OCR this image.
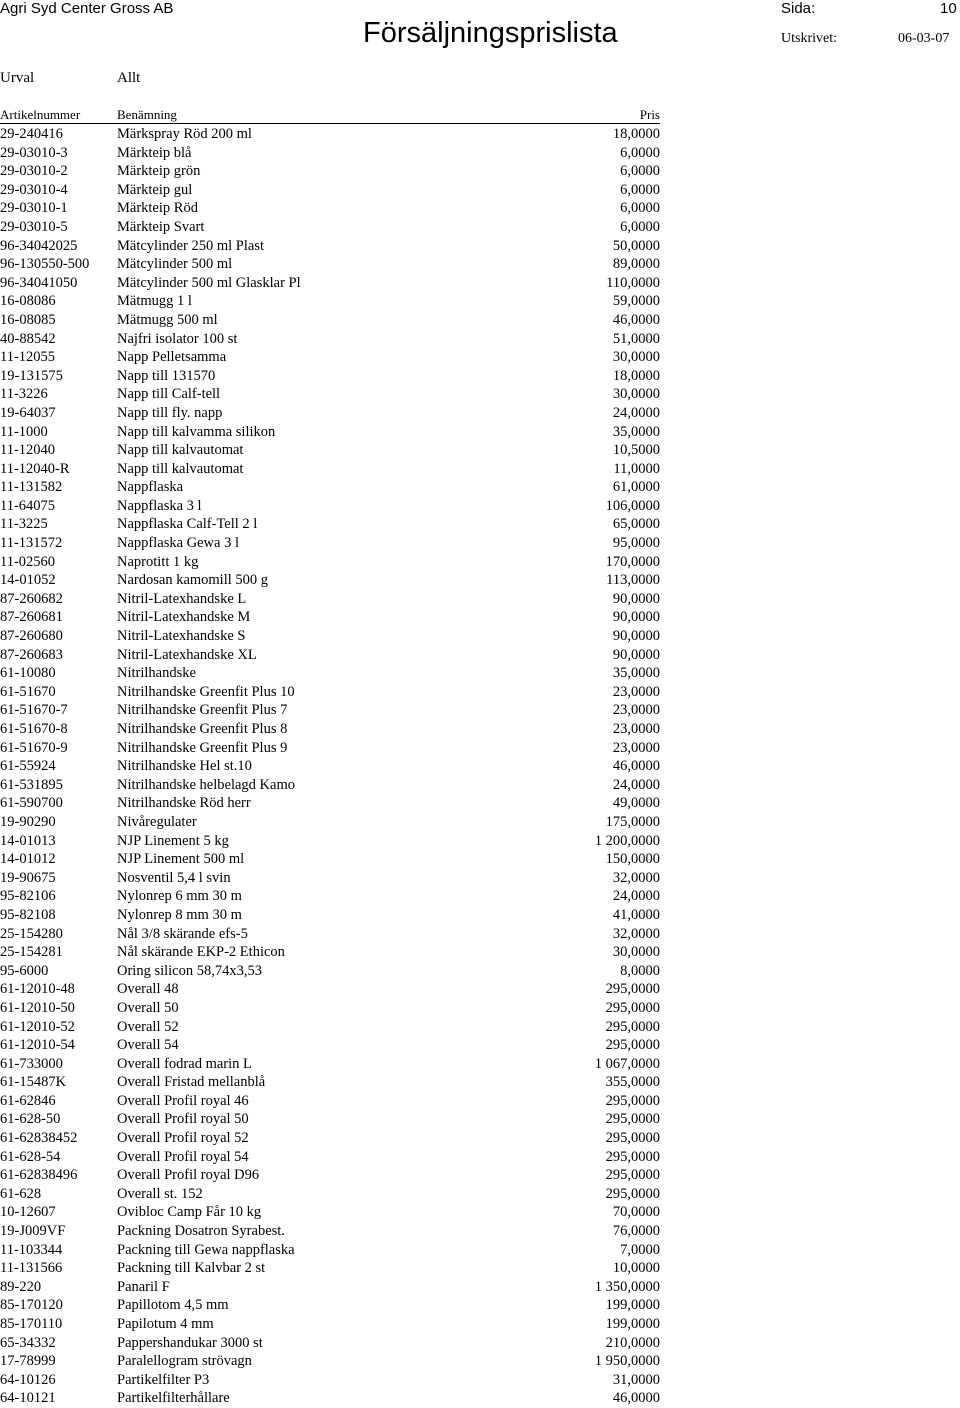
Agri Syd Center Gross AB
Försäljningsprislista
Sida:	10
Utskrivet:	06-03-07
Urval	Allt
Artikelnummer	Benämning	Pris
29-240416	Märkspray Röd 200 ml	18,0000
29-03010-3	Märkteip blå	6,0000
29-03010-2	Märkteip grön	6,0000
29-03010-4	Märkteip gul	6,0000
29-03010-1	Märkteip Röd	6,0000
29-03010-5	Märkteip Svart	6,0000
96-34042025	Mätcylinder 250 ml Plast	50,0000
96-130550-500 Mätcylinder 500 ml	89,0000
96-34041050	Mätcylinder 500 ml Glasklar Pl	110,0000
16-08086	Mätmugg 1 l	59,0000
16-08085	Mätmugg 500 ml	46,0000
40-88542	Najfri isolator 100 st	51,0000
11-12055	Napp Pelletsamma	30,0000
19-131575	Napp till 131570	18,0000
11-3226	Napp till Calf-tell	30,0000
19-64037	Napp till fly. napp	24,0000
11-1000	Napp till kalvamma silikon	35,0000
11-12040	Napp till kalvautomat	10,5000
11-12040-R	Napp till kalvautomat	11,0000
11-131582	Nappflaska	61,0000
11-64075	Nappflaska 3 l	106,0000
11-3225	Nappflaska Calf-Tell 2 l	65,0000
11-131572	Nappflaska Gewa 3 l	95,0000
11-02560	Naprotitt 1 kg	170,0000
14-01052	Nardosan kamomill 500 g	113,0000
87-260682	Nitril-Latexhandske L	90,0000
87-260681	Nitril-Latexhandske M	90,0000
87-260680	Nitril-Latexhandske S	90,0000
87-260683	Nitril-Latexhandske XL	90,0000
61-10080	Nitrilhandske	35,0000
61-51670	Nitrilhandske Greenfit Plus 10	23,0000
61-51670-7	Nitrilhandske Greenfit Plus 7	23,0000
61-51670-8	Nitrilhandske Greenfit Plus 8	23,0000
61-51670-9	Nitrilhandske Greenfit Plus 9	23,0000
61-55924	Nitrilhandske Hel st.10	46,0000
61-531895	Nitrilhandske helbelagd Kamo	24,0000
61-590700	Nitrilhandske Röd herr	49,0000
19-90290	Nivåregulater	175,0000
14-01013	NJP Linement 5 kg	1 200,0000
14-01012	NJP Linement 500 ml	150,0000
19-90675	Nosventil 5,4 l svin	32,0000
95-82106	Nylonrep 6 mm 30 m	24,0000
95-82108	Nylonrep 8 mm 30 m	41,0000
25-154280	Nål 3/8 skärande efs-5	32,0000
25-154281	Nål skärande EKP-2 Ethicon	30,0000
95-6000	Oring silicon 58,74x3,53	8,0000
61-12010-48	Overall 48	295,0000
61-12010-50	Overall 50	295,0000
61-12010-52	Overall 52	295,0000
61-12010-54	Overall 54	295,0000
61-733000	Overall fodrad marin L	1 067,0000
61-15487K	Overall Fristad mellanblå	355,0000
61-62846	Overall Profil royal 46	295,0000
61-628-50	Overall Profil royal 50	295,0000
61-62838452	Overall Profil royal 52	295,0000
61-628-54	Overall Profil royal 54	295,0000
61-62838496	Overall Profil royal D96	295,0000
61-628	Overall st. 152	295,0000
10-12607	Ovibloc Camp Får 10 kg	70,0000
19-J009VF	Packning Dosatron Syrabest.	76,0000
11-103344	Packning till Gewa nappflaska	7,0000
11-131566	Packning till Kalvbar 2 st	10,0000
89-220	Panaril F	1 350,0000
85-170120	Papillotom 4,5 mm	199,0000
85-170110	Papilotum 4 mm	199,0000
65-34332	Pappershandukar 3000 st	210,0000
17-78999	Paralellogram strövagn	1 950,0000
64-10126	Partikelfilter P3	31,0000
64-10121	Partikelfilterhållare	46,0000
